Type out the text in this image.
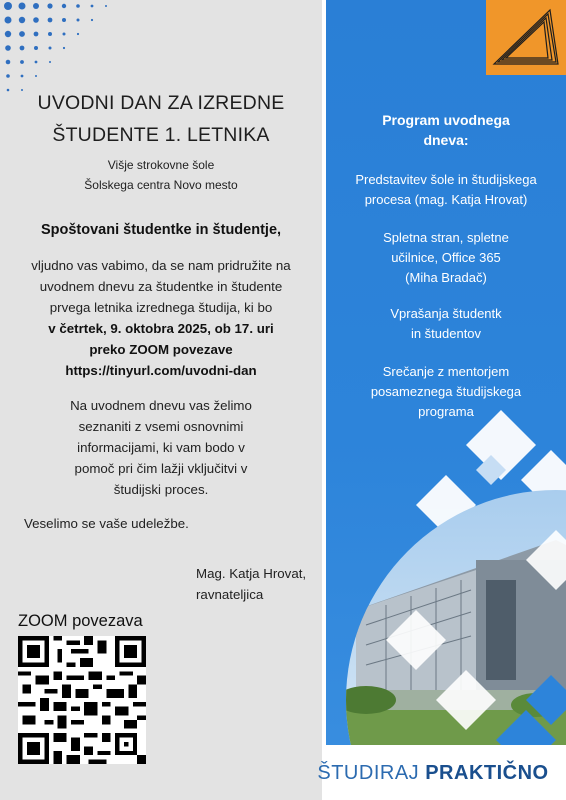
UVODNI DAN ZA IZREDNE
ŠTUDENTE 1. LETNIKA
Višje strokovne šole
Šolskega centra Novo mesto
Spoštovani študentke in študentje,
vljudno vas vabimo, da se nam pridružite na
uvodnem dnevu za študentke in študente
prvega letnika izrednega študija, ki bo
v četrtek, 9. oktobra 2025, ob 17. uri
preko ZOOM povezave
https://tinyurl.com/uvodni-dan
Na uvodnem dnevu vas želimo
seznaniti z vsemi osnovnimi
informacijami, ki vam bodo v
pomoč pri čim lažji vključitvi v
študijski proces.
Veselimo se vaše udeležbe.
Mag. Katja Hrovat,
ravnateljica
ZOOM povezava
Program uvodnega
dneva:
Predstavitev šole in študijskega
procesa (mag. Katja Hrovat)
Spletna stran, spletne
učilnice, Office 365
(Miha Bradač)
Vprašanja študentk
in študentov
Srečanje z mentorjem
posameznega študijskega
programa
ŠTUDIRAJ PRAKTIČNO
